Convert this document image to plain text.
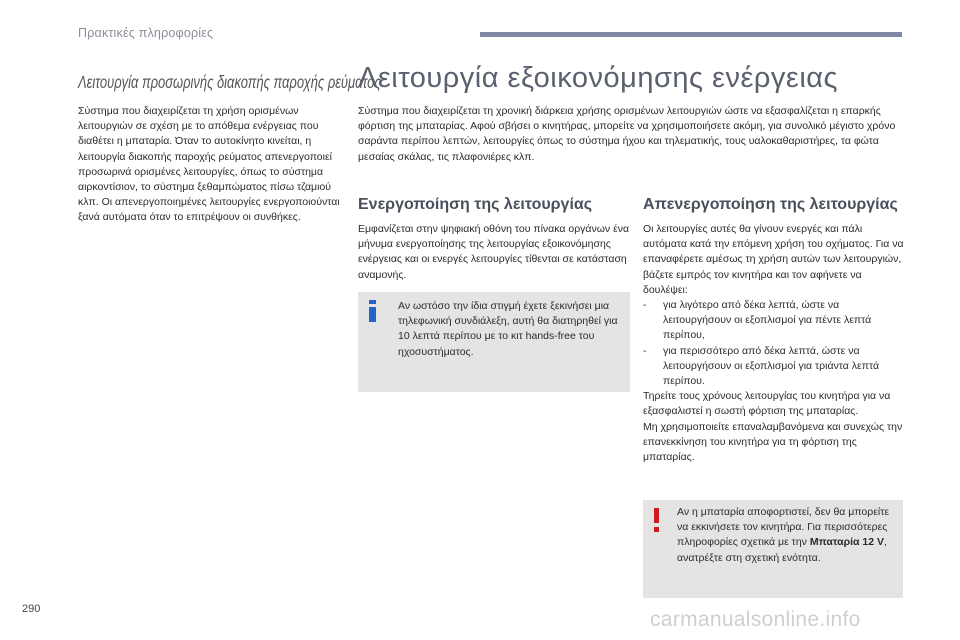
Πρακτικές πληροφορίες
Λειτουργία προσωρινής διακοπής παροχής ρεύματος
Σύστημα που διαχειρίζεται τη χρήση ορισμένων λειτουργιών σε σχέση με το απόθεμα ενέργειας που διαθέτει η μπαταρία. Όταν το αυτοκίνητο κινείται, η λειτουργία διακοπής παροχής ρεύματος απενεργοποιεί προσωρινά ορισμένες λειτουργίες, όπως το σύστημα αιρκοντίσιον, το σύστημα ξεθαμπώματος πίσω τζαμιού κλπ. Οι απενεργοποιημένες λειτουργίες ενεργοποιούνται ξανά αυτόματα όταν το επιτρέψουν οι συνθήκες.
Λειτουργία εξοικονόμησης ενέργειας
Σύστημα που διαχειρίζεται τη χρονική διάρκεια χρήσης ορισμένων λειτουργιών ώστε να εξασφαλίζεται η επαρκής φόρτιση της μπαταρίας. Αφού σβήσει ο κινητήρας, μπορείτε να χρησιμοποιήσετε ακόμη, για συνολικό μέγιστο χρόνο σαράντα περίπου λεπτών, λειτουργίες όπως το σύστημα ήχου και τηλεματικής, τους υαλοκαθαριστήρες, τα φώτα μεσαίας σκάλας, τις πλαφονιέρες κλπ.
Ενεργοποίηση της λειτουργίας
Εμφανίζεται στην ψηφιακή οθόνη του πίνακα οργάνων ένα μήνυμα ενεργοποίησης της λειτουργίας εξοικονόμησης ενέργειας και οι ενεργές λειτουργίες τίθενται σε κατάσταση αναμονής.
Αν ωστόσο την ίδια στιγμή έχετε ξεκινήσει μια τηλεφωνική συνδιάλεξη, αυτή θα διατηρηθεί για 10 λεπτά περίπου με το κιτ hands-free του ηχοσυστήματος.
Απενεργοποίηση της λειτουργίας

Οι λειτουργίες αυτές θα γίνουν ενεργές και πάλι αυτόματα κατά την επόμενη χρήση του οχήματος. Για να επαναφέρετε αμέσως τη χρήση αυτών των λειτουργιών, βάζετε εμπρός τον κινητήρα και τον αφήνετε να δουλέψει:

-	για λιγότερο από δέκα λεπτά, ώστε να λειτουργήσουν οι εξοπλισμοί για πέντε λεπτά περίπου,
-	για περισσότερο από δέκα λεπτά, ώστε να λειτουργήσουν οι εξοπλισμοί για τριάντα λεπτά περίπου.

Τηρείτε τους χρόνους λειτουργίας του κινητήρα για να εξασφαλιστεί η σωστή φόρτιση της μπαταρίας.

Μη χρησιμοποιείτε επαναλαμβανόμενα και συνεχώς την επανεκκίνηση του κινητήρα για τη φόρτιση της μπαταρίας.

Αν η μπαταρία αποφορτιστεί, δεν θα μπορείτε να εκκινήσετε τον κινητήρα. Για περισσότερες πληροφορίες σχετικά με την Μπαταρία 12 V, ανατρέξτε στη σχετική ενότητα.
290	carmanualsonline.info
